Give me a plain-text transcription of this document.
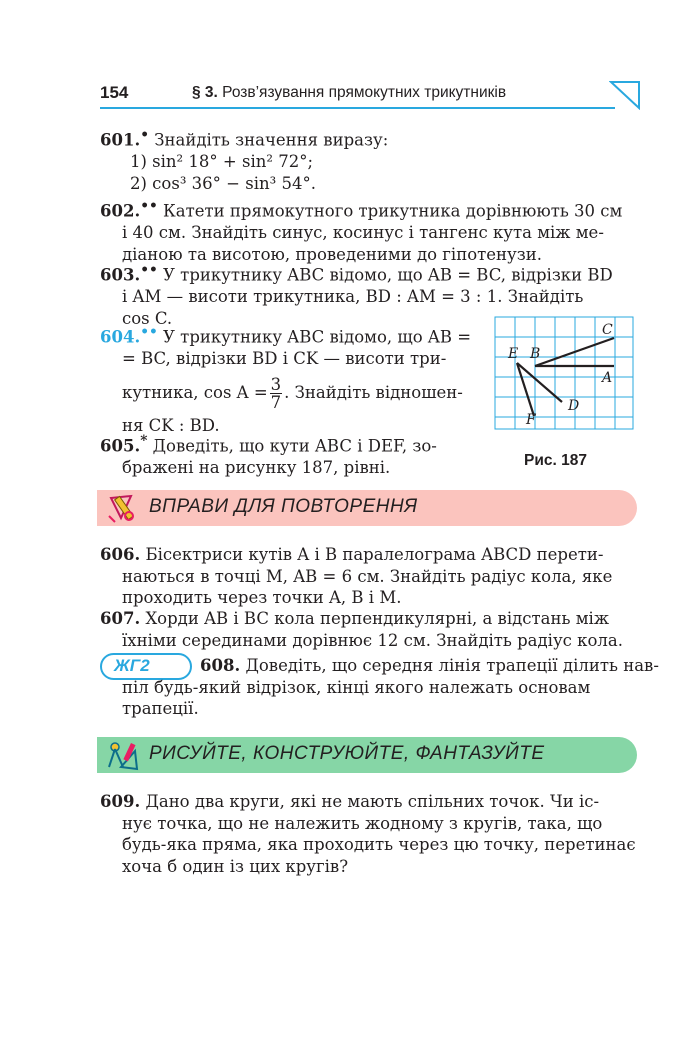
154	§ 3. Розв’язування прямокутних трикутників
601.• Знайдіть значення виразу:
1) sin² 18° + sin² 72°;
2) cos³ 36° − sin³ 54°.
602.•• Катети прямокутного трикутника дорівнюють 30 см
і 40 см. Знайдіть синус, косинус і тангенс кута між ме-
діаною та висотою, проведеними до гіпотенузи.
603.•• У трикутнику ABC відомо, що AB = BC, відрізки BD
і AM — висоти трикутника, BD : AM = 3 : 1. Знайдіть
cos C.
604.•• У трикутнику ABC відомо, що AB =
= BC, відрізки BD і CK — висоти три-
кутника, $\cos A = \frac{3}{7}$ . Знайдіть відношен-
ня CK : BD.
605.* Доведіть, що кути ABC і DEF, зо-
бражені на рисунку 187, рівні.
C
E B
A
D
F
Рис. 187
ВПРАВИ ДЛЯ ПОВТОРЕННЯ
606. Бісектриси кутів A і B паралелограма ABCD перети-
наються в точці M, AB = 6 см. Знайдіть радіус кола, яке
проходить через точки A, B і M.
607. Хорди AB і BC кола перпендикулярні, а відстань між
їхніми серединами дорівнює 12 см. Знайдіть радіус кола.
ЖГ2	608. Доведіть, що середня лінія трапеції ділить нав-
піл будь-який відрізок, кінці якого належать основам
трапеції.
РИСУЙТЕ, КОНСТРУЮЙТЕ, ФАНТАЗУЙТЕ
609. Дано два круги, які не мають спільних точок. Чи іс-
нує точка, що не належить жодному з кругів, така, що
будь-яка пряма, яка проходить через цю точку, перетинає
хоча б один із цих кругів?
